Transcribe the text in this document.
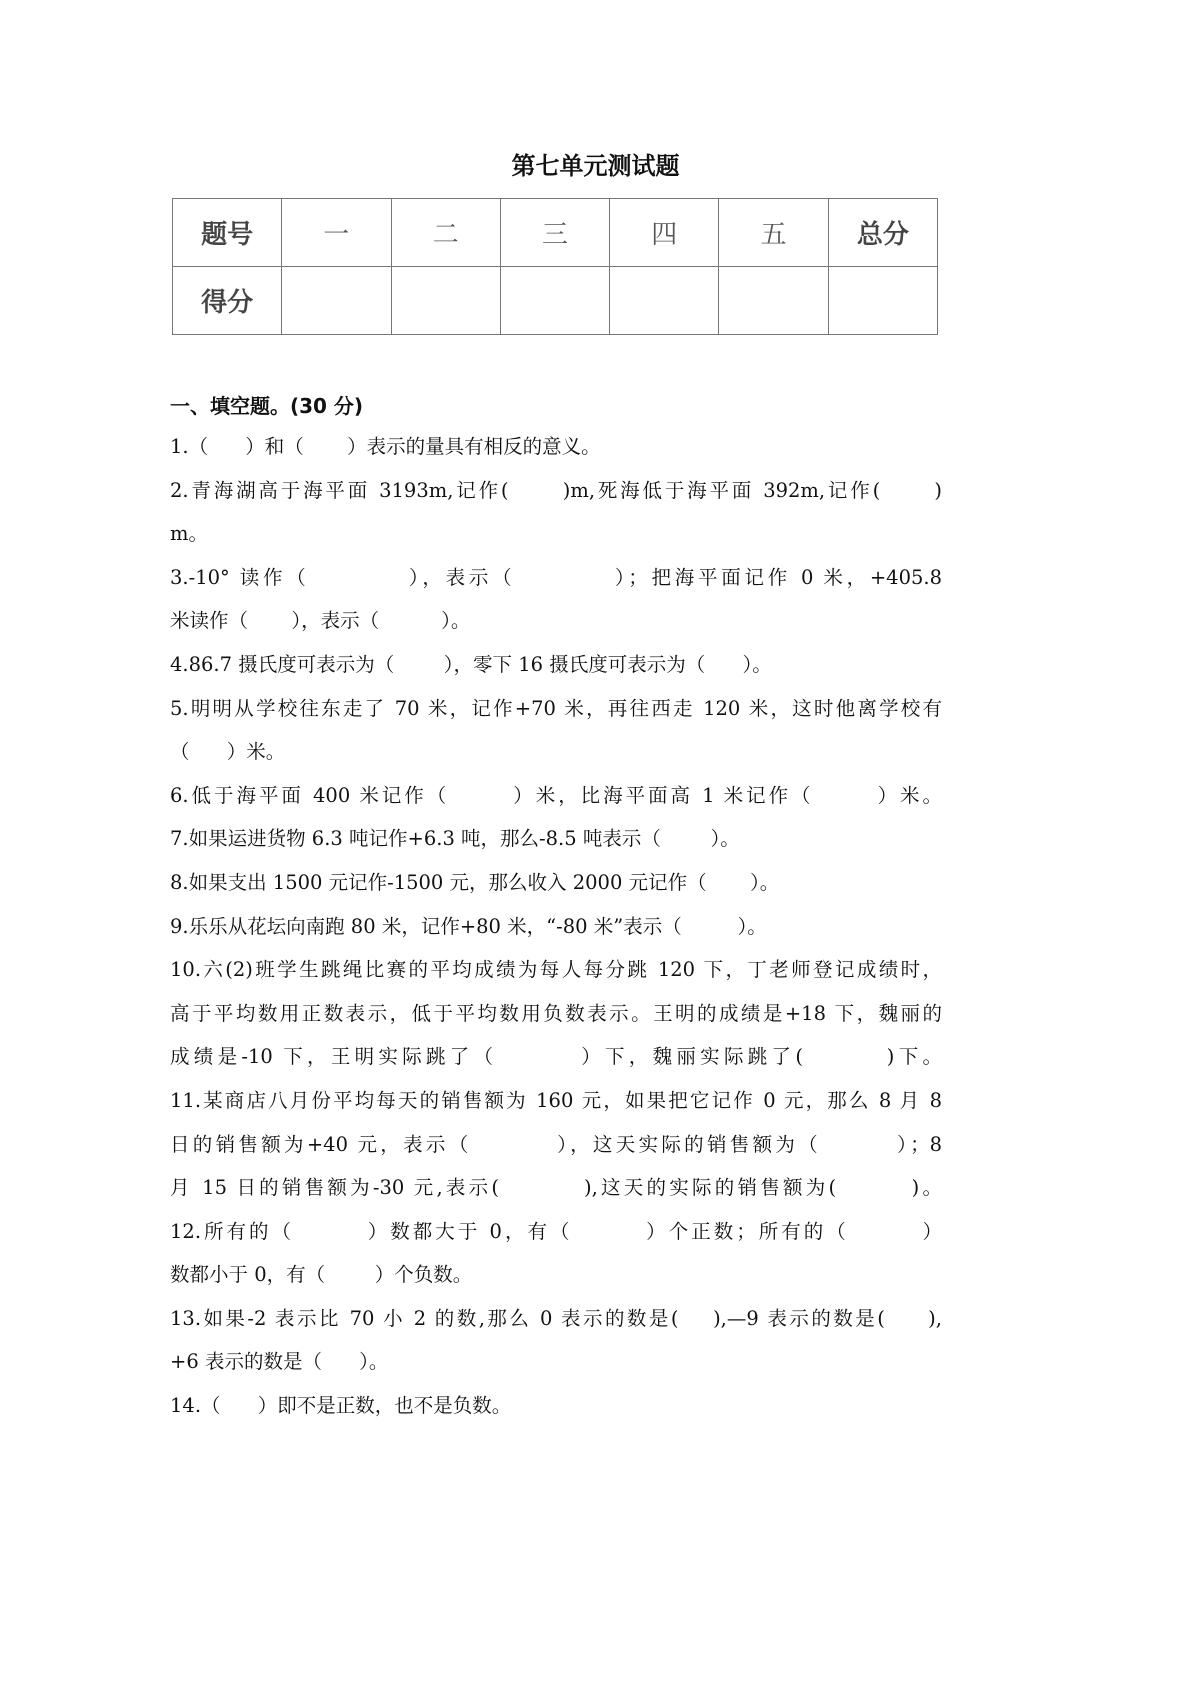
第七单元测试题
题号	一	二	三	四	五	总分
得分						
一、填空题。(30 分)
1.（      ）和（       ）表示的量具有相反的意义。
2.青海湖高于海平面 3193m,记作(      )m,死海低于海平面 392m,记作(      )
m。
3.-10° 读作（          ），表示（          ）；把海平面记作 0 米，+405.8
米读作（       ），表示（          ）。
4.86.7 摄氏度可表示为（        ），零下 16 摄氏度可表示为（      ）。
5.明明从学校往东走了 70 米，记作+70 米，再往西走 120 米，这时他离学校有
（      ）米。
6.低于海平面 400 米记作（       ）米，比海平面高 1 米记作（       ）米。
7.如果运进货物 6.3 吨记作+6.3 吨，那么-8.5 吨表示（        ）。
8.如果支出 1500 元记作-1500 元，那么收入 2000 元记作（       ）。
9.乐乐从花坛向南跑 80 米，记作+80 米，“-80 米”表示（         ）。
10.六(2)班学生跳绳比赛的平均成绩为每人每分跳 120 下，丁老师登记成绩时，
高于平均数用正数表示，低于平均数用负数表示。王明的成绩是+18 下，魏丽的
成绩是-10 下，王明实际跳了（        ）下，魏丽实际跳了(        )下。
11.某商店八月份平均每天的销售额为 160 元，如果把它记作 0 元，那么 8 月 8
日的销售额为+40 元，表示（         ），这天实际的销售额为（        ）；8
月 15 日的销售额为-30 元,表示(         ),这天的实际的销售额为(        )。
12.所有的（        ）数都大于 0，有（        ）个正数；所有的（        ）
数都小于 0，有（        ）个负数。
13.如果-2 表示比 70 小 2 的数,那么 0 表示的数是(    ),—9 表示的数是(     ),
+6 表示的数是（      ）。
14.（      ）即不是正数，也不是负数。
